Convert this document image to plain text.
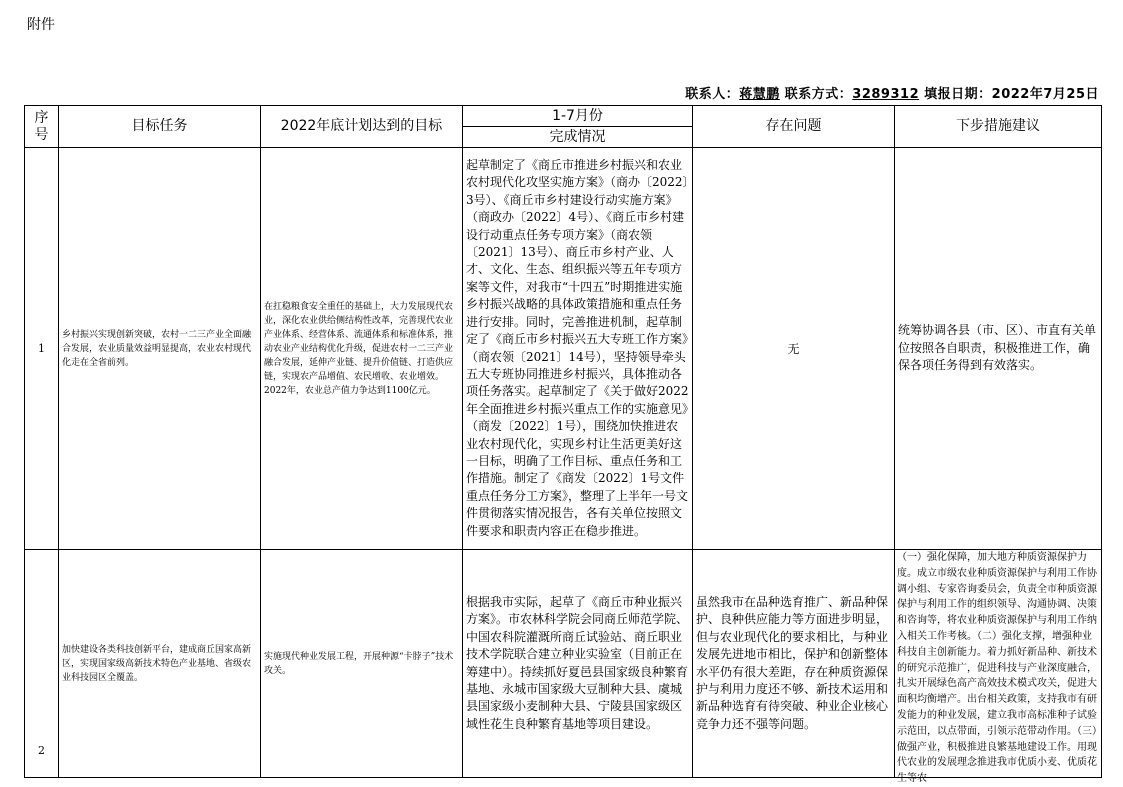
附件
联系人：蒋慧鹏 联系方式：3289312 填报日期：2022年7月25日
序号	目标任务	2022年底计划达到的目标	1-7月份	存在问题	下步措施建议
			完成情况		
1	乡村振兴实现创新突破，农村一二三产业全面融合发展，农业质量效益明显提高，农业农村现代化走在全省前列。	在扛稳粮食安全重任的基础上，大力发展现代农业，深化农业供给侧结构性改革，完善现代农业产业体系、经营体系、流通体系和标准体系，推动农业产业结构优化升级，促进农村一二三产业融合发展，延伸产业链、提升价值链、打造供应链，实现农产品增值、农民增收、农业增效。2022年，农业总产值力争达到1100亿元。	起草制定了《商丘市推进乡村振兴和农业农村现代化攻坚实施方案》（商办〔2022〕3号）、《商丘市乡村建设行动实施方案》（商政办〔2022〕4号）、《商丘市乡村建设行动重点任务专项方案》（商农领〔2021〕13号）、商丘市乡村产业、人才、文化、生态、组织振兴等五年专项方案等文件，对我市“十四五”时期推进实施乡村振兴战略的具体政策措施和重点任务进行安排。同时，完善推进机制，起草制定了《商丘市乡村振兴五大专班工作方案》（商农领〔2021〕14号），坚持领导牵头五大专班协同推进乡村振兴，具体推动各项任务落实。起草制定了《关于做好2022年全面推进乡村振兴重点工作的实施意见》（商发〔2022〕1号），围绕加快推进农业农村现代化，实现乡村让生活更美好这一目标，明确了工作目标、重点任务和工作措施。制定了《商发〔2022〕1号文件重点任务分工方案》，整理了上半年一号文件贯彻落实情况报告，各有关单位按照文件要求和职责内容正在稳步推进。	无	统筹协调各县（市、区）、市直有关单位按照各自职责，积极推进工作，确保各项任务得到有效落实。
2	加快建设各类科技创新平台，建成商丘国家高新区，实现国家级高新技术特色产业基地、省级农业科技园区全覆盖。	实施现代种业发展工程，开展种源“卡脖子”技术攻关。	根据我市实际，起草了《商丘市种业振兴方案》。市农林科学院会同商丘师范学院、中国农科院灌溉所商丘试验站、商丘职业技术学院联合建立种业实验室（目前正在筹建中）。持续抓好夏邑县国家级良种繁育基地、永城市国家级大豆制种大县、虞城县国家级小麦制种大县、宁陵县国家级区域性花生良种繁育基地等项目建设。	虽然我市在品种选育推广、新品种保护、良种供应能力等方面进步明显，但与农业现代化的要求相比，与种业发展先进地市相比，保护和创新整体水平仍有很大差距，存在种质资源保护与利用力度还不够、新技术运用和新品种选育有待突破、种业企业核心竞争力还不强等问题。	（一）强化保障，加大地方种质资源保护力度。成立市级农业种质资源保护与利用工作协调小组、专家咨询委员会，负责全市种质资源保护与利用工作的组织领导、沟通协调、决策和咨询等，将农业种质资源保护与利用工作纳入相关工作考核。（二）强化支撑，增强种业科技自主创新能力。着力抓好新品种、新技术的研究示范推广，促进科技与产业深度融合，扎实开展绿色高产高效技术模式攻关，促进大面积均衡增产。出台相关政策，支持我市有研发能力的种业发展，建立我市高标准种子试验示范田，以点带面，引领示范带动作用。（三）做强产业，积极推进良繁基地建设工作。用现代农业的发展理念推进我市优质小麦、优质花生等农
